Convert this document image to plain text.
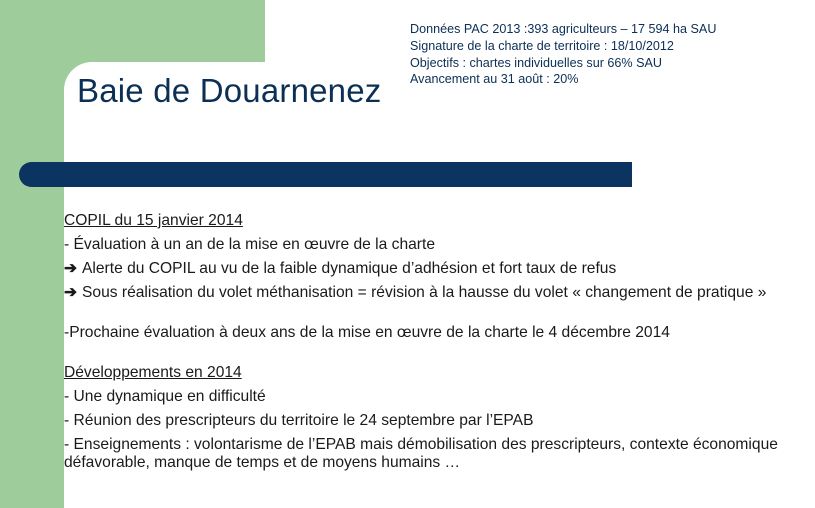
Baie de Douarnenez
Données PAC 2013 :393 agriculteurs – 17 594 ha SAU
Signature de la charte de territoire : 18/10/2012
Objectifs : chartes individuelles sur 66% SAU
Avancement au 31 août : 20%

COPIL du 15 janvier 2014

- Évaluation à un an de la mise en œuvre de la charte

➔ Alerte du COPIL au vu de la faible dynamique d’adhésion et fort taux de refus

➔ Sous réalisation du volet méthanisation = révision à la hausse du volet « changement de pratique »

-Prochaine évaluation à deux ans de la mise en œuvre de la charte le 4 décembre 2014

Développements en 2014

- Une dynamique en difficulté

- Réunion des prescripteurs du territoire le 24 septembre par l’EPAB

- Enseignements : volontarisme de l’EPAB mais démobilisation des prescripteurs, contexte économique défavorable, manque de temps et de moyens humains …
